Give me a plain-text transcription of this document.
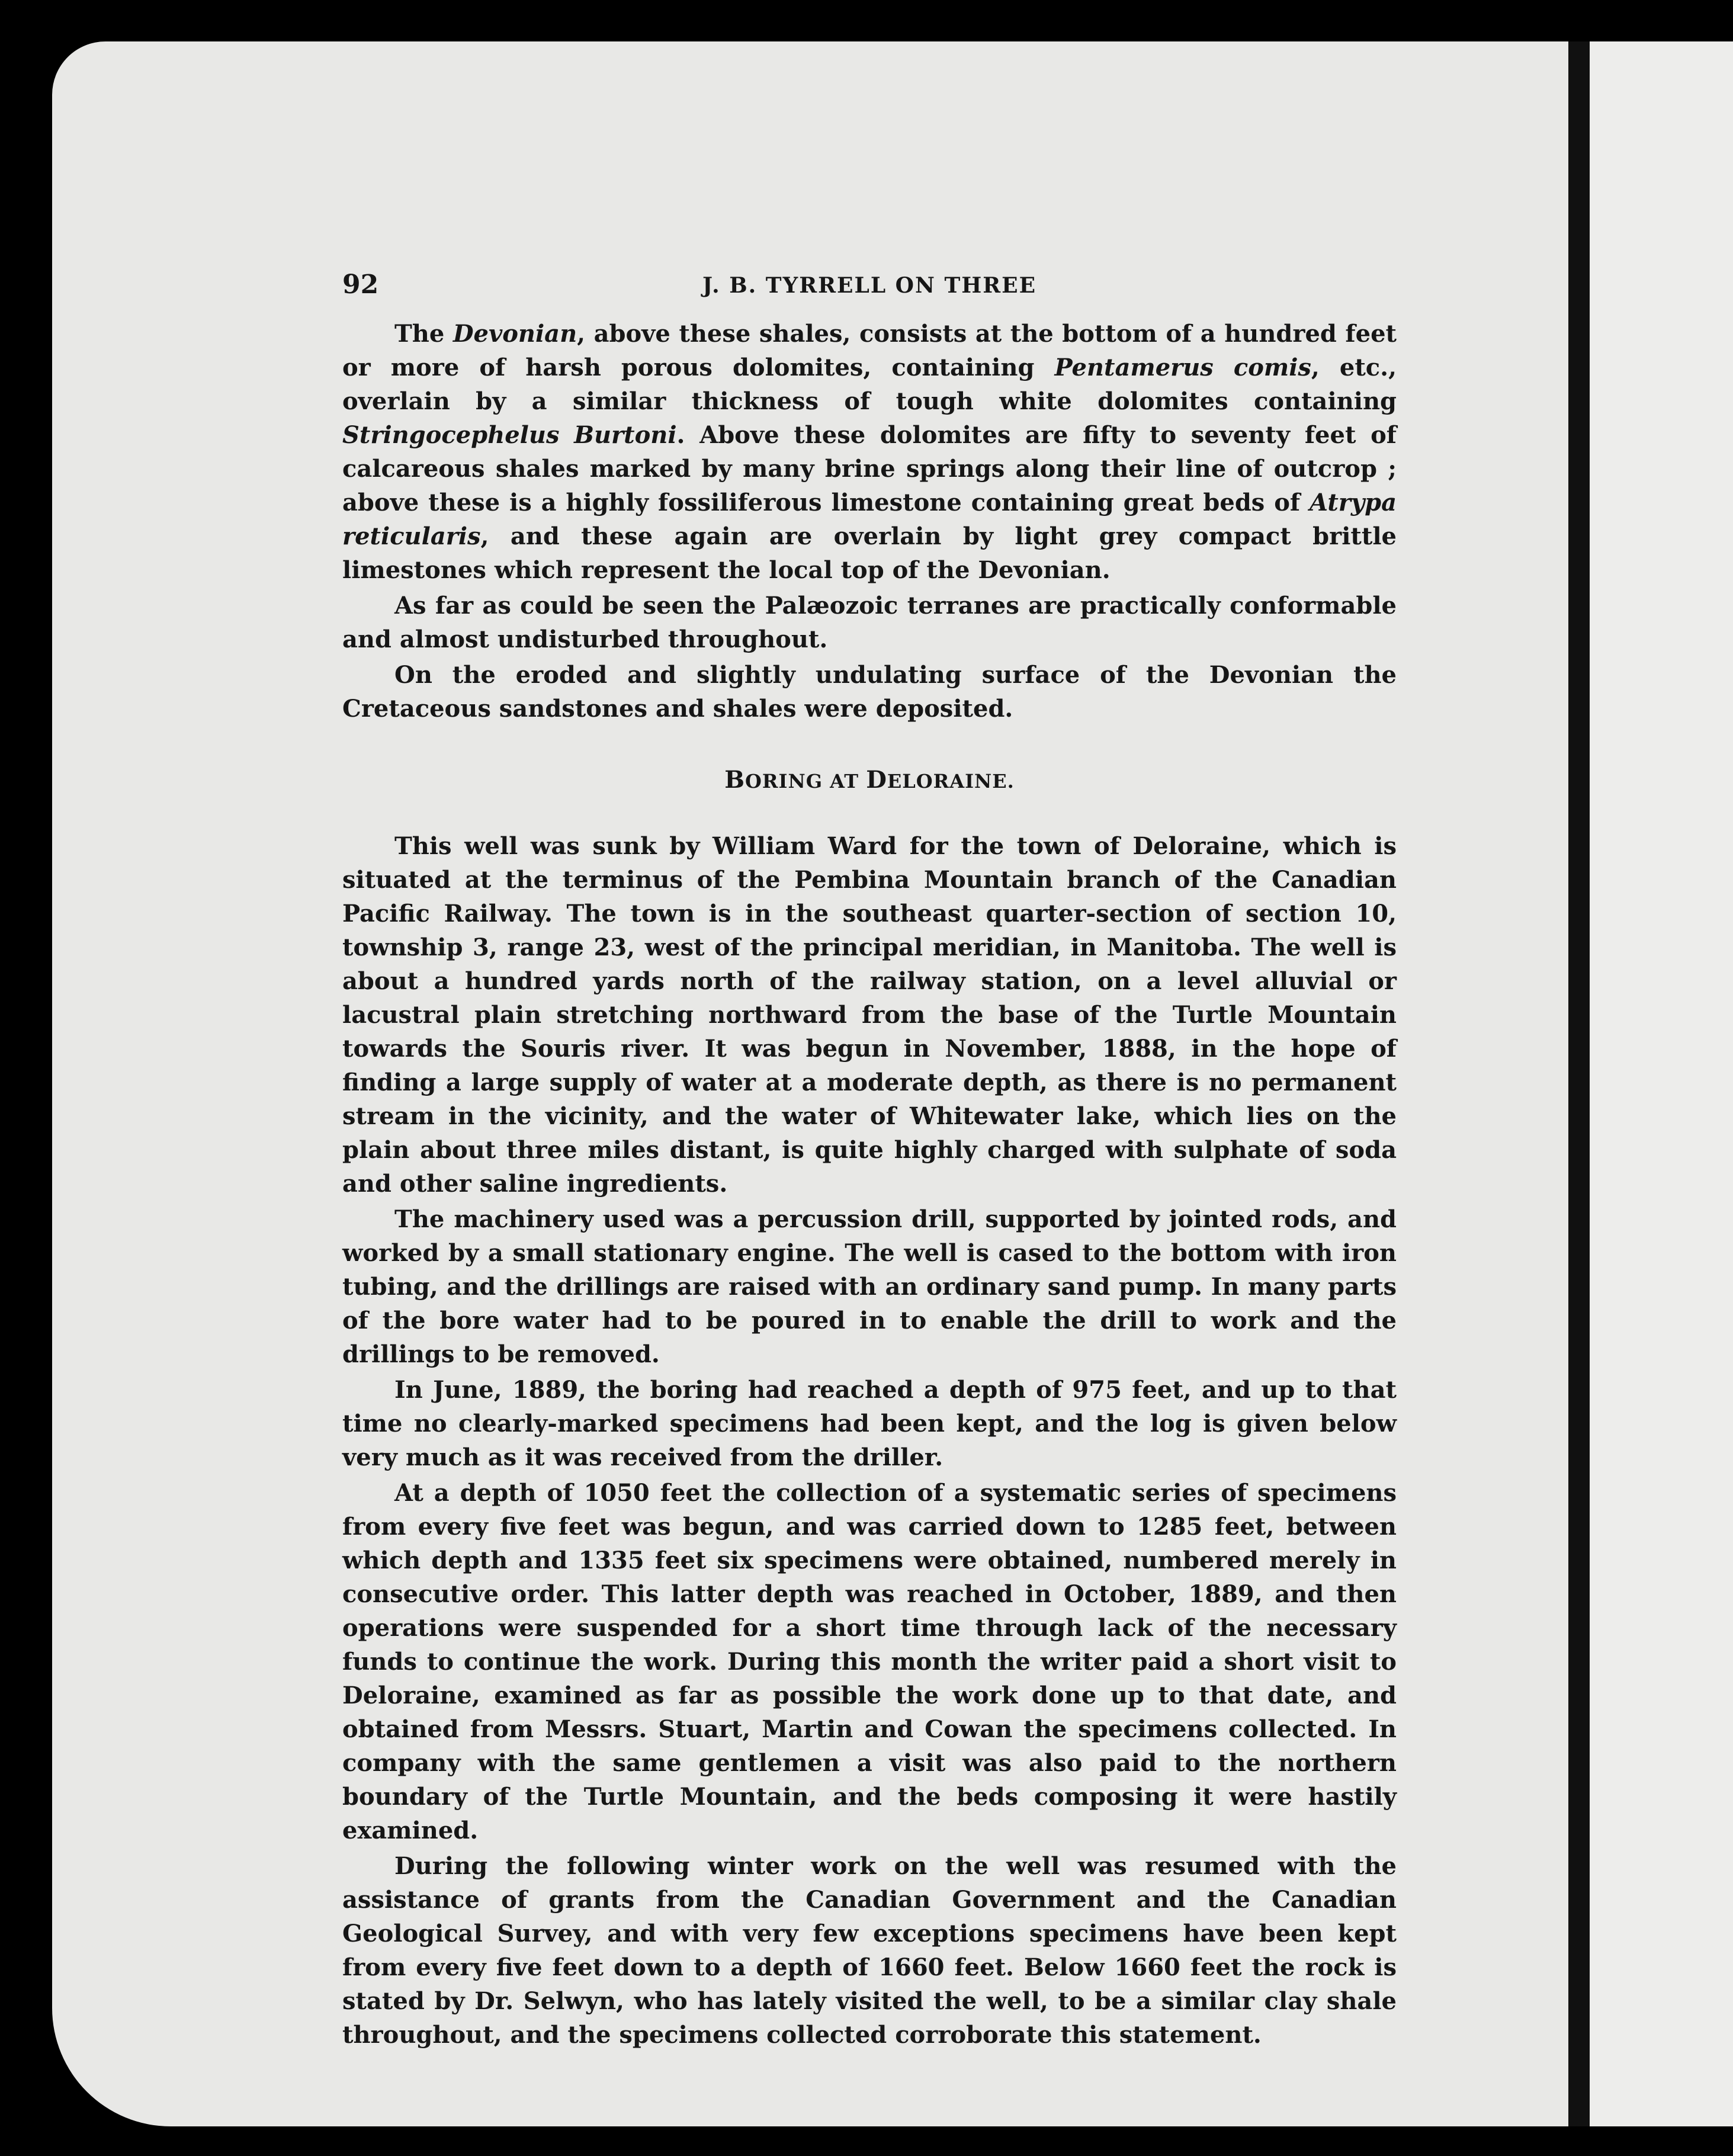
92	J. B. TYRRELL ON THREE

The Devonian, above these shales, consists at the bottom of a hundred feet or more of harsh porous dolomites, containing Pentamerus comis, etc., overlain by a similar thickness of tough white dolomites containing Stringocephelus Burtoni. Above these dolomites are fifty to seventy feet of calcareous shales marked by many brine springs along their line of outcrop ; above these is a highly fossiliferous limestone containing great beds of Atrypa reticularis, and these again are overlain by light grey compact brittle limestones which represent the local top of the Devonian.

As far as could be seen the Palæozoic terranes are practically conformable and almost undisturbed throughout.

On the eroded and slightly undulating surface of the Devonian the Cretaceous sandstones and shales were deposited.

BORING AT DELORAINE.

This well was sunk by William Ward for the town of Deloraine, which is situated at the terminus of the Pembina Mountain branch of the Canadian Pacific Railway. The town is in the southeast quarter-section of section 10, township 3, range 23, west of the principal meridian, in Manitoba. The well is about a hundred yards north of the railway station, on a level alluvial or lacustral plain stretching northward from the base of the Turtle Mountain towards the Souris river. It was begun in November, 1888, in the hope of finding a large supply of water at a moderate depth, as there is no permanent stream in the vicinity, and the water of Whitewater lake, which lies on the plain about three miles distant, is quite highly charged with sulphate of soda and other saline ingredients.

The machinery used was a percussion drill, supported by jointed rods, and worked by a small stationary engine. The well is cased to the bottom with iron tubing, and the drillings are raised with an ordinary sand pump. In many parts of the bore water had to be poured in to enable the drill to work and the drillings to be removed.

In June, 1889, the boring had reached a depth of 975 feet, and up to that time no clearly-marked specimens had been kept, and the log is given below very much as it was received from the driller.

At a depth of 1050 feet the collection of a systematic series of specimens from every five feet was begun, and was carried down to 1285 feet, between which depth and 1335 feet six specimens were obtained, numbered merely in consecutive order. This latter depth was reached in October, 1889, and then operations were suspended for a short time through lack of the necessary funds to continue the work. During this month the writer paid a short visit to Deloraine, examined as far as possible the work done up to that date, and obtained from Messrs. Stuart, Martin and Cowan the specimens collected. In company with the same gentlemen a visit was also paid to the northern boundary of the Turtle Mountain, and the beds composing it were hastily examined.

During the following winter work on the well was resumed with the assistance of grants from the Canadian Government and the Canadian Geological Survey, and with very few exceptions specimens have been kept from every five feet down to a depth of 1660 feet. Below 1660 feet the rock is stated by Dr. Selwyn, who has lately visited the well, to be a similar clay shale throughout, and the specimens collected corroborate this statement.
